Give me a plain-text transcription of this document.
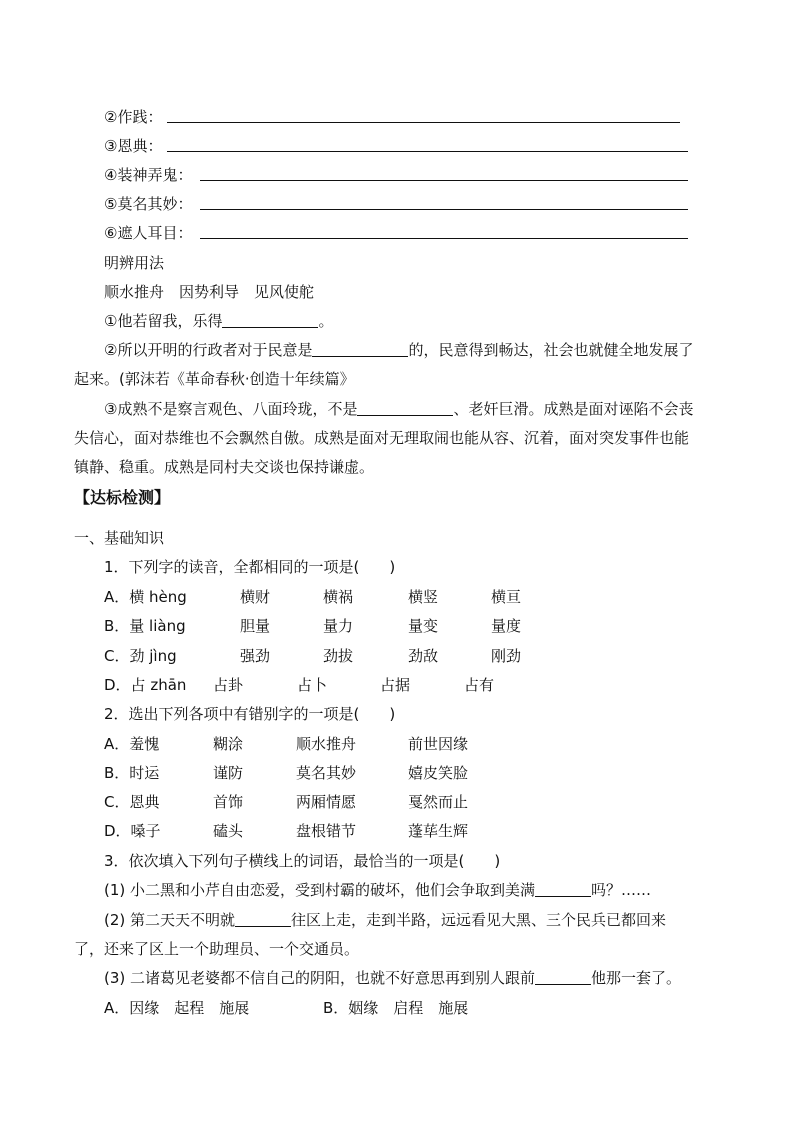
②作践：
③恩典：
④装神弄鬼：
⑤莫名其妙：
⑥遮人耳目：
明辨用法
顺水推舟　因势利导　见风使舵
①他若留我，乐得	。
②所以开明的行政者对于民意是	的，民意得到畅达，社会也就健全地发展了
起来。(郭沫若《革命春秋·创造十年续篇》
③成熟不是察言观色、八面玲珑，不是	、老奸巨滑。成熟是面对诬陷不会丧
失信心，面对恭维也不会飘然自傲。成熟是面对无理取闹也能从容、沉着，面对突发事件也能
镇静、稳重。成熟是同村夫交谈也保持谦虚。
【达标检测】
一、基础知识
1．下列字的读音，全都相同的一项是(　　)
A．横 hèng	横财	横祸	横竖	横亘
B．量 liàng	胆量	量力	量变	量度
C．劲 jìng	强劲	劲拔	劲敌	刚劲
D．占 zhān 占卦	占卜	占据	占有
2．选出下列各项中有错别字的一项是(　　)
A．羞愧	糊涂	顺水推舟	前世因缘
B．时运	谨防	莫名其妙	嬉皮笑脸
C．恩典	首饰	两厢情愿	戛然而止
D．嗓子	磕头	盘根错节	蓬荜生辉
3．依次填入下列句子横线上的词语，最恰当的一项是(　　)
(1) 小二黑和小芹自由恋爱，受到村霸的破坏，他们会争取到美满	吗？……
(2) 第二天天不明就	往区上走，走到半路，远远看见大黑、三个民兵已都回来
了，还来了区上一个助理员、一个交通员。
(3) 二诸葛见老婆都不信自己的阴阳，也就不好意思再到别人跟前	他那一套了。
A．因缘　起程　施展	B．姻缘　启程　施展
